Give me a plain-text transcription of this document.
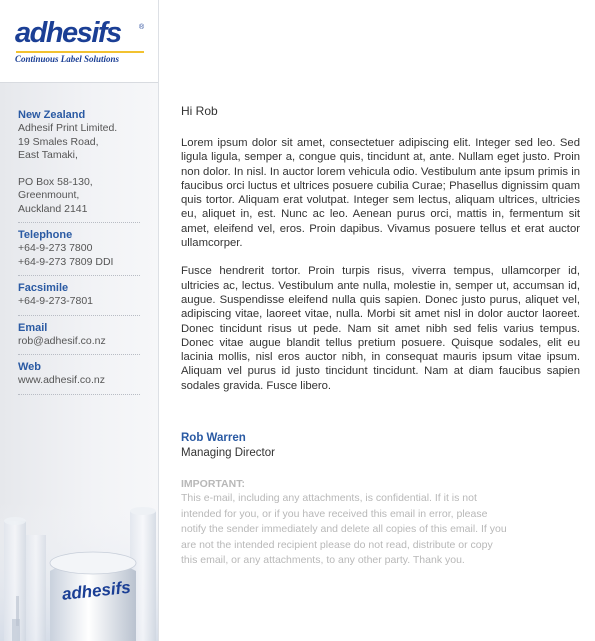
adhesifs	®
Continuous Label Solutions
New Zealand
Adhesif Print Limited.
19 Smales Road,
East Tamaki,
PO Box 58-130,
Greenmount,
Auckland 2141
Telephone
+64-9-273 7800
+64-9-273 7809 DDI
Facsimile
+64-9-273-7801
Email
rob@adhesif.co.nz
Web
www.adhesif.co.nz
adhesifs

Hi Rob

Lorem ipsum dolor sit amet, consectetuer adipiscing elit. Integer sed leo. Sed ligula ligula, semper a, congue quis, tincidunt at, ante. Nullam eget justo. Proin non dolor. In nisl. In auctor lorem vehicula odio. Vestibulum ante ipsum primis in faucibus orci luctus et ultrices posuere cubilia Curae; Phasellus dignissim quam quis tortor. Aliquam erat volutpat. Integer sem lectus, aliquam ultrices, ultricies eu, aliquet in, est. Nunc ac leo. Aenean purus orci, mattis in, fermentum sit amet, eleifend vel, eros. Proin dapibus. Vivamus posuere tellus et erat auctor ullamcorper.

Fusce hendrerit tortor. Proin turpis risus, viverra tempus, ullamcorper id, ultricies ac, lectus. Vestibulum ante nulla, molestie in, semper ut, accumsan id, augue. Suspendisse eleifend nulla quis sapien. Donec justo purus, aliquet vel, adipiscing vitae, laoreet vitae, nulla. Morbi sit amet nisl in dolor auctor laoreet. Donec tincidunt risus ut pede. Nam sit amet nibh sed felis varius tempus. Donec vitae augue blandit tellus pretium posuere. Quisque sodales, elit eu lacinia mollis, nisl eros auctor nibh, in consequat mauris ipsum vitae ipsum. Aliquam vel purus id justo tincidunt tincidunt. Nam at diam faucibus sapien sodales gravida. Fusce libero.

Rob Warren
Managing Director
IMPORTANT:
This e-mail, including any attachments, is confidential. If it is not
intended for you, or if you have received this email in error, please
notify the sender immediately and delete all copies of this email. If you
are not the intended recipient please do not read, distribute or copy
this email, or any attachments, to any other party. Thank you.
